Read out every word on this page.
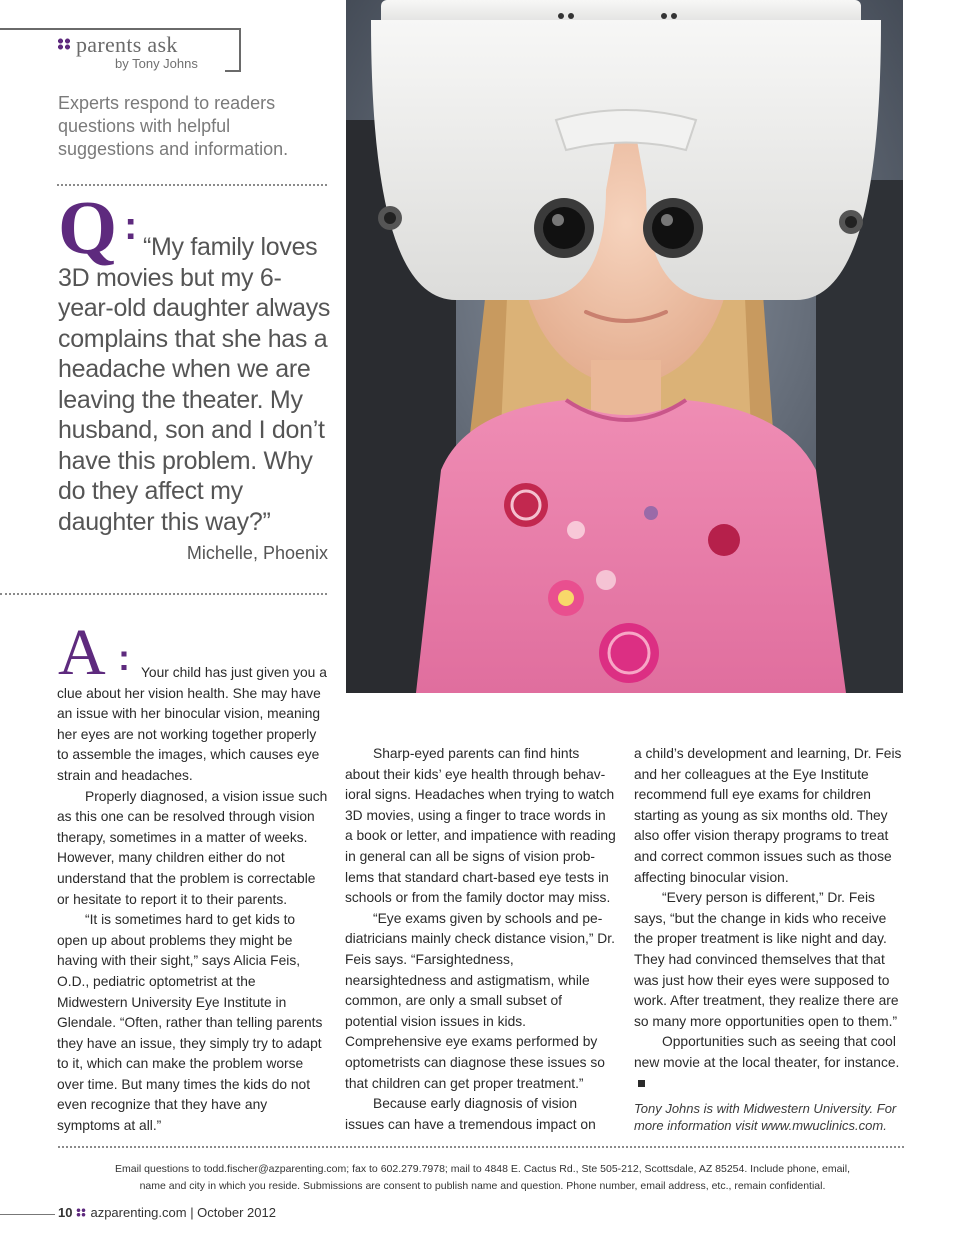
parents ask
by Tony Johns
Experts respond to readers questions with helpful suggestions and information.
Q : “My family loves 3D movies but my 6-year-old daughter always complains that she has a headache when we are leaving the theater. My husband, son and I don’t have this problem. Why do they affect my daughter this way?”
Michelle, Phoenix
A : Your child has just given you a clue about her vision health. She may have an issue with her binocular vision, meaning her eyes are not working together properly to assemble the images, which causes eye strain and headaches.

Properly diagnosed, a vision issue such as this one can be resolved through vision therapy, sometimes in a matter of weeks. However, many children either do not understand that the problem is correctable or hesitate to report it to their parents.

“It is sometimes hard to get kids to open up about problems they might be having with their sight,” says Alicia Feis, O.D., pediatric optometrist at the Midwestern University Eye Institute in Glendale. “Often, rather than telling parents they have an issue, they simply try to adapt to it, which can make the problem worse over time. But many times the kids do not even recognize that they have any symptoms at all.”

Sharp-eyed parents can find hints about their kids’ eye health through behav-ioral signs. Headaches when trying to watch 3D movies, using a finger to trace words in a book or letter, and impatience with reading in general can all be signs of vision prob-lems that standard chart-based eye tests in schools or from the family doctor may miss.

“Eye exams given by schools and pe-diatricians mainly check distance vision,” Dr. Feis says. “Farsightedness, nearsightedness and astigmatism, while common, are only a small subset of potential vision issues in kids. Comprehensive eye exams performed by optometrists can diagnose these issues so that children can get proper treatment.”

Because early diagnosis of vision issues can have a tremendous impact on

a child’s development and learning, Dr. Feis and her colleagues at the Eye Institute recommend full eye exams for children starting as young as six months old. They also offer vision therapy programs to treat and correct common issues such as those affecting binocular vision.

“Every person is different,” Dr. Feis says, “but the change in kids who receive the proper treatment is like night and day. They had convinced themselves that that was just how their eyes were supposed to work. After treatment, they realize there are so many more opportunities open to them.”

Opportunities such as seeing that cool new movie at the local theater, for instance.

Tony Johns is with Midwestern University. For more information visit www.mwuclinics.com.

Email questions to todd.fischer@azparenting.com; fax to 602.279.7978; mail to 4848 E. Cactus Rd., Ste 505-212, Scottsdale, AZ 85254. Include phone, email,
name and city in which you reside. Submissions are consent to publish name and question. Phone number, email address, etc., remain confidential.
10 azparenting.com | October 2012
